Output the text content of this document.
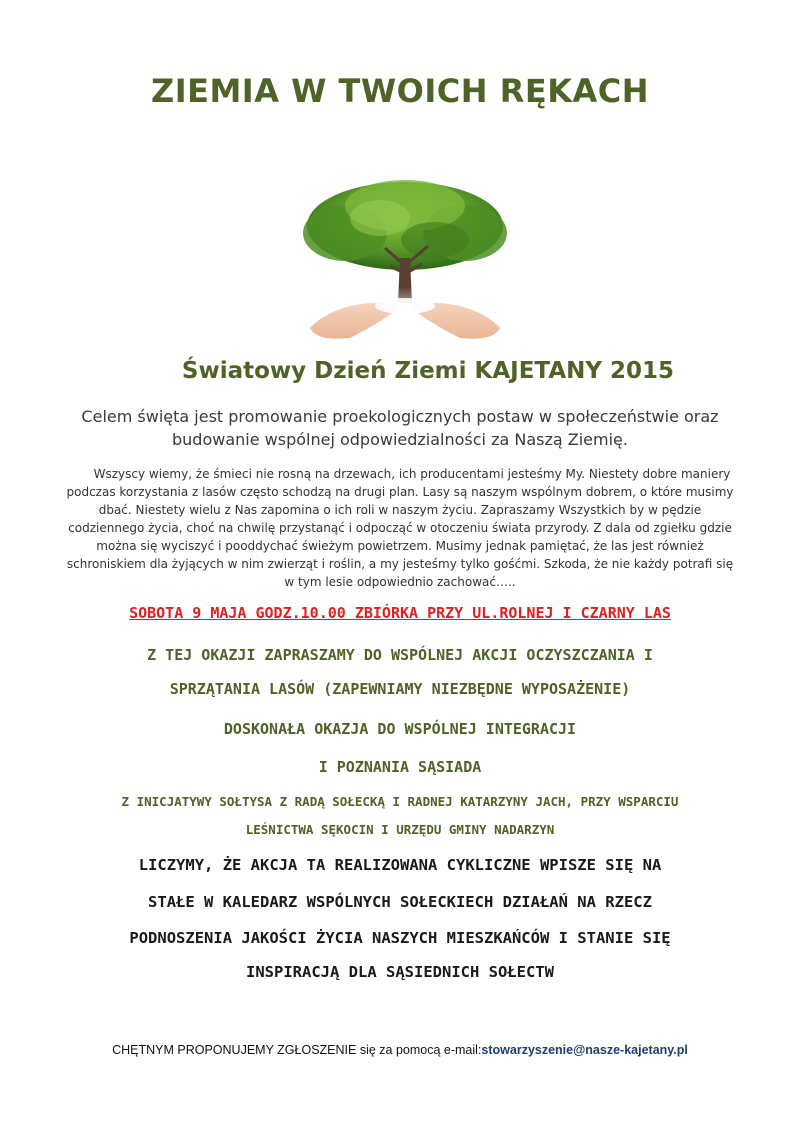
ZIEMIA W TWOICH RĘKACH
Światowy Dzień Ziemi KAJETANY 2015
Celem święta jest promowanie proekologicznych postaw w społeczeństwie oraz
budowanie wspólnej odpowiedzialności za Naszą Ziemię.
Wszyscy wiemy, że śmieci nie rosną na drzewach, ich producentami jesteśmy My. Niestety dobre maniery
podczas korzystania z lasów często schodzą na drugi plan. Lasy są naszym wspólnym dobrem, o które musimy
dbać. Niestety wielu z Nas zapomina o ich roli w naszym życiu. Zapraszamy Wszystkich by w pędzie
codziennego życia, choć na chwilę przystanąć i odpocząć w otoczeniu świata przyrody. Z dala od zgiełku gdzie
można się wyciszyć i pooddychać świeżym powietrzem. Musimy jednak pamiętać, że las jest również
schroniskiem dla żyjących w nim zwierząt i roślin, a my jesteśmy tylko gośćmi. Szkoda, że nie każdy potrafi się
w tym lesie odpowiednio zachować…..
SOBOTA 9 MAJA GODZ.10.00 ZBIÓRKA PRZY UL.ROLNEJ I CZARNY LAS
Z TEJ OKAZJI ZAPRASZAMY DO WSPÓLNEJ AKCJI OCZYSZCZANIA I
SPRZĄTANIA LASÓW (ZAPEWNIAMY NIEZBĘDNE WYPOSAŻENIE)
DOSKONAŁA OKAZJA DO WSPÓLNEJ INTEGRACJI
I POZNANIA SĄSIADA
Z INICJATYWY SOŁTYSA Z RADĄ SOŁECKĄ I RADNEJ KATARZYNY JACH, PRZY WSPARCIU
LEŚNICTWA SĘKOCIN I URZĘDU GMINY NADARZYN
LICZYMY, ŻE AKCJA TA REALIZOWANA CYKLICZNE WPISZE SIĘ NA
STAŁE W KALEDARZ WSPÓLNYCH SOŁECKIECH DZIAŁAŃ NA RZECZ
PODNOSZENIA JAKOŚCI ŻYCIA NASZYCH MIESZKAŃCÓW I STANIE SIĘ
INSPIRACJĄ DLA SĄSIEDNICH SOŁECTW
CHĘTNYM PROPONUJEMY ZGŁOSZENIE się za pomocą e-mail:stowarzyszenie@nasze-kajetany.pl
